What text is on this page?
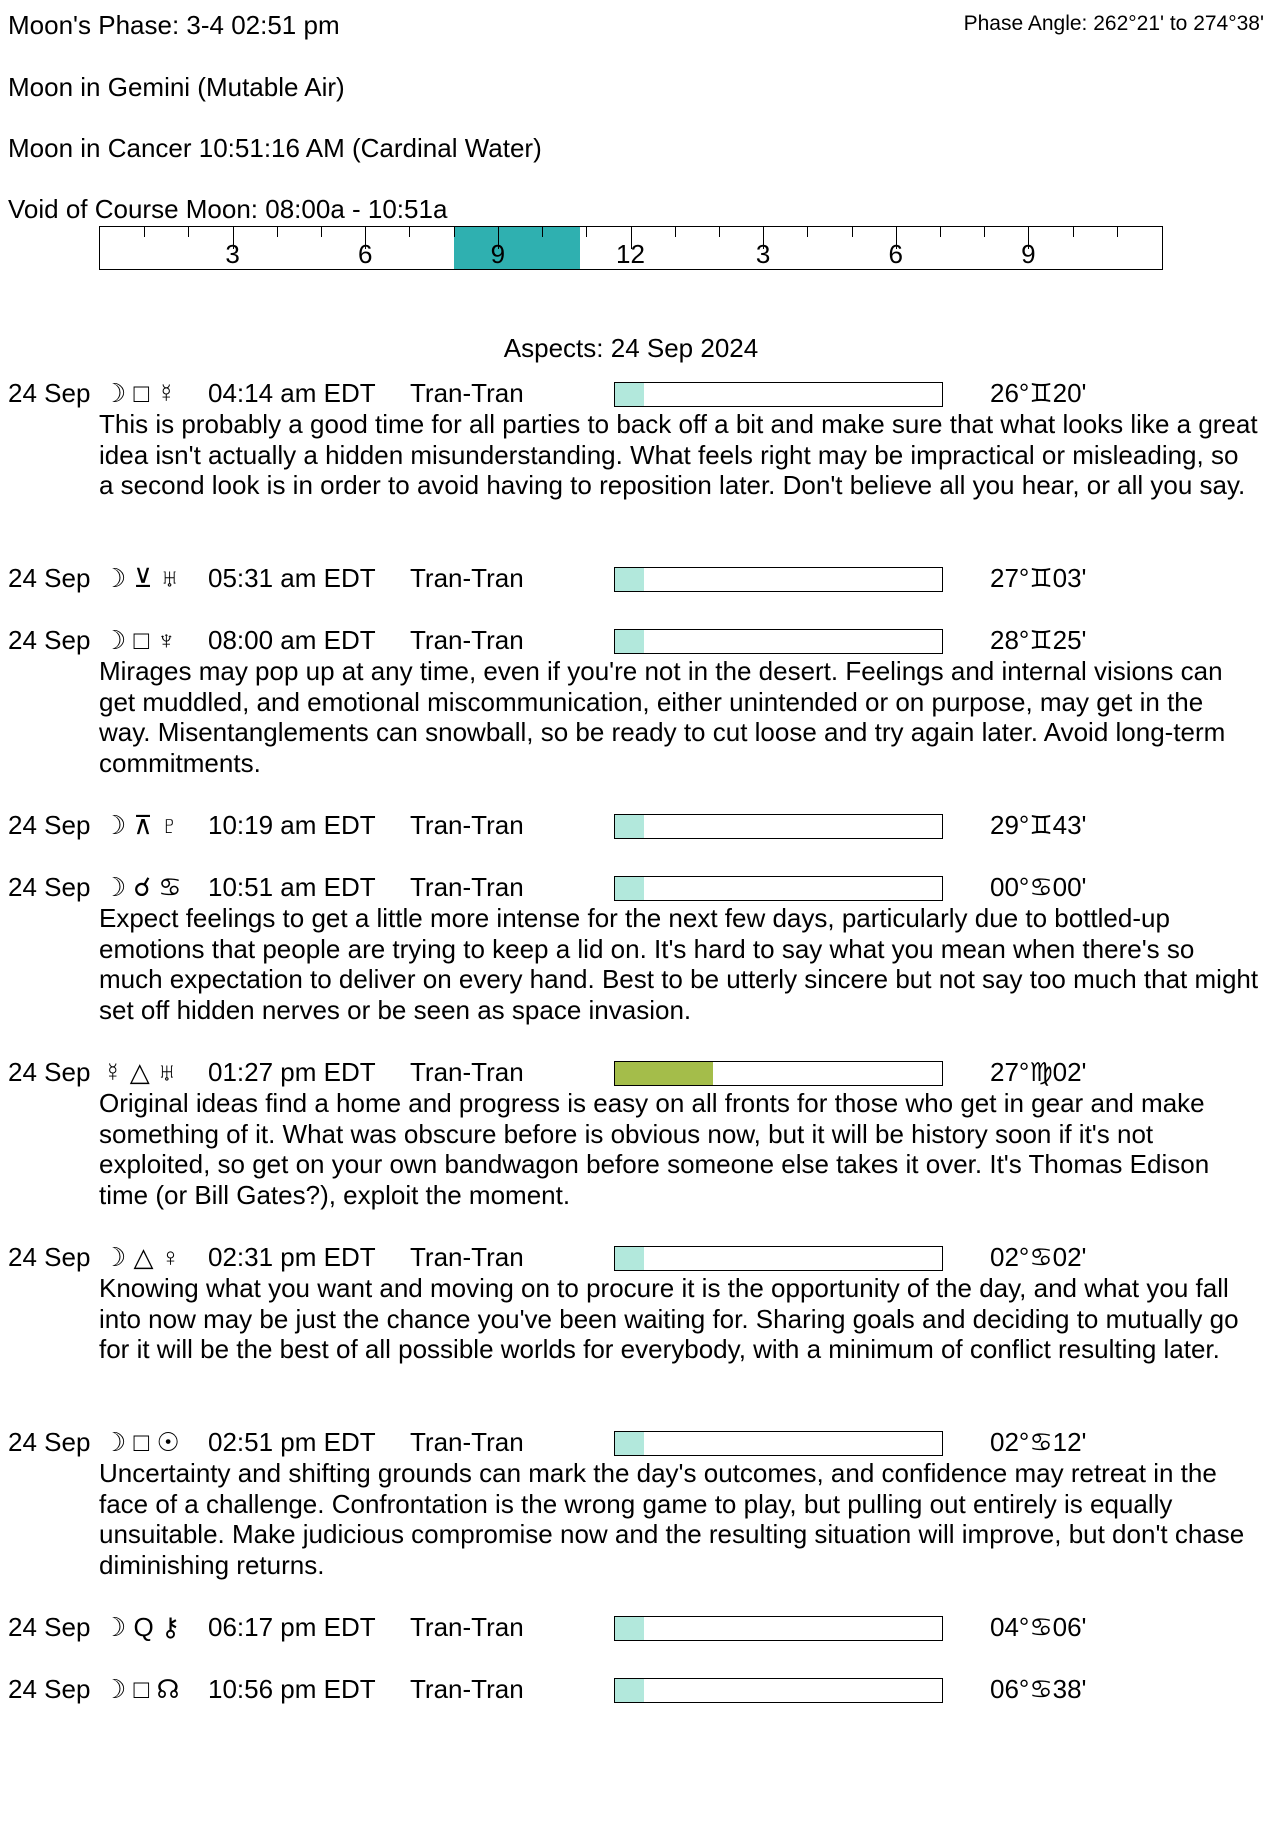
Moon's Phase: 3-4 02:51 pm	Phase Angle: 262°21' to 274°38'
Moon in Gemini (Mutable Air)
Moon in Cancer 10:51:16 AM (Cardinal Water)
Void of Course Moon: 08:00a - 10:51a
3	6	9	12	3	6	9
Aspects: 24 Sep 2024
24 Sep ☽ □ ☿ 04:14 am EDT Tran-Tran	26°♊20'
This is probably a good time for all parties to back off a bit and make sure that what looks like a great idea isn't actually a hidden misunderstanding. What feels right may be impractical or misleading, so a second look is in order to avoid having to reposition later. Don't believe all you hear, or all you say.
24 Sep ☽ ⊻ ♅ 05:31 am EDT Tran-Tran	27°♊03'
24 Sep ☽ □ ♆ 08:00 am EDT Tran-Tran	28°♊25'
Mirages may pop up at any time, even if you're not in the desert. Feelings and internal visions can get muddled, and emotional miscommunication, either unintended or on purpose, may get in the way. Misentanglements can snowball, so be ready to cut loose and try again later. Avoid long-term commitments.
24 Sep ☽ ⊼ ♇ 10:19 am EDT Tran-Tran	29°♊43'
24 Sep ☽ ☌ ♋ 10:51 am EDT Tran-Tran	00°♋00'
Expect feelings to get a little more intense for the next few days, particularly due to bottled-up emotions that people are trying to keep a lid on. It's hard to say what you mean when there's so much expectation to deliver on every hand. Best to be utterly sincere but not say too much that might set off hidden nerves or be seen as space invasion.
24 Sep ☿ △ ♅ 01:27 pm EDT Tran-Tran	27°♍02'
Original ideas find a home and progress is easy on all fronts for those who get in gear and make something of it. What was obscure before is obvious now, but it will be history soon if it's not exploited, so get on your own bandwagon before someone else takes it over. It's Thomas Edison time (or Bill Gates?), exploit the moment.
24 Sep ☽ △ ♀ 02:31 pm EDT Tran-Tran	02°♋02'
Knowing what you want and moving on to procure it is the opportunity of the day, and what you fall into now may be just the chance you've been waiting for. Sharing goals and deciding to mutually go for it will be the best of all possible worlds for everybody, with a minimum of conflict resulting later.
24 Sep ☽ □ ☉ 02:51 pm EDT Tran-Tran	02°♋12'
Uncertainty and shifting grounds can mark the day's outcomes, and confidence may retreat in the face of a challenge. Confrontation is the wrong game to play, but pulling out entirely is equally unsuitable. Make judicious compromise now and the resulting situation will improve, but don't chase diminishing returns.
24 Sep ☽ Q ⚷ 06:17 pm EDT Tran-Tran	04°♋06'
24 Sep ☽ □ ☊ 10:56 pm EDT Tran-Tran	06°♋38'
